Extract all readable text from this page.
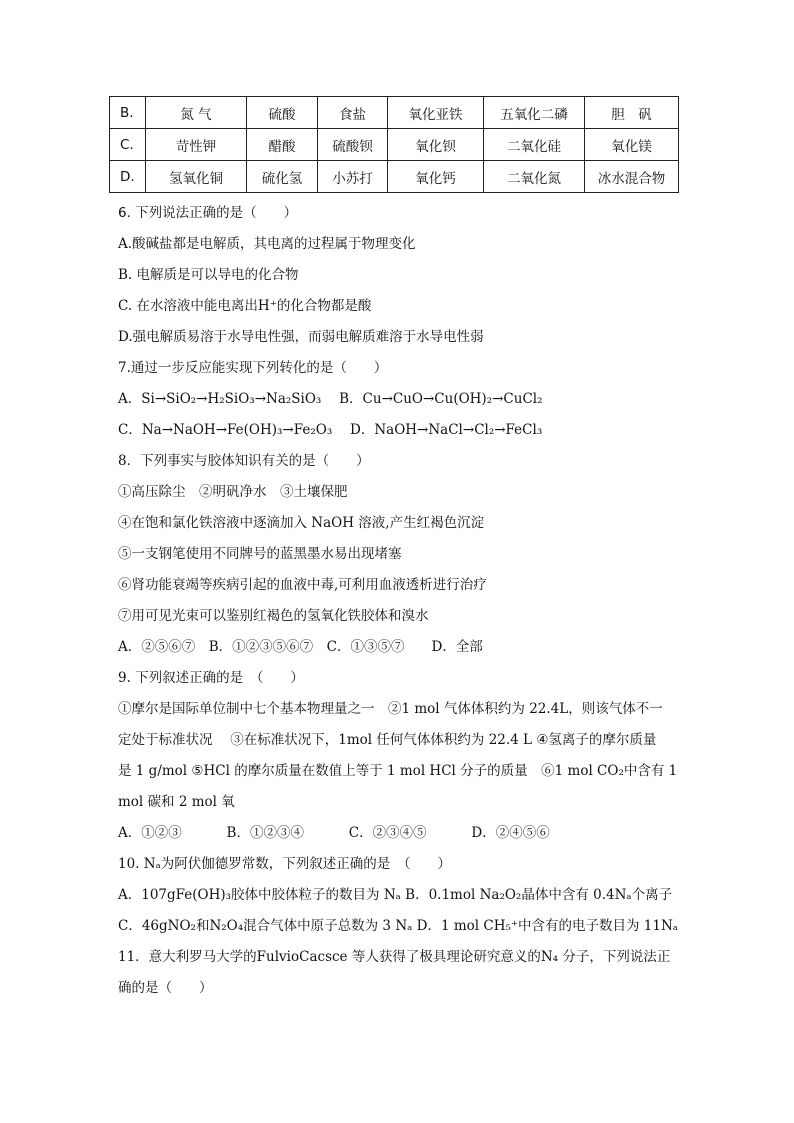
B.	氮 气	硫酸	食盐	氧化亚铁	五氧化二磷	胆　矾
C.	苛性钾	醋酸	硫酸钡	氧化钡	二氧化硅	氧化镁
D.	氢氧化铜	硫化氢	小苏打	氧化钙	二氧化氮	冰水混合物
6. 下列说法正确的是（　　）
A.酸碱盐都是电解质，其电离的过程属于物理变化
B. 电解质是可以导电的化合物
C. 在水溶液中能电离出H⁺的化合物都是酸
D.强电解质易溶于水导电性强，而弱电解质难溶于水导电性弱
7.通过一步反应能实现下列转化的是（　　）
A．Si→SiO₂→H₂SiO₃→Na₂SiO₃　 B．Cu→CuO→Cu(OH)₂→CuCl₂
C．Na→NaOH→Fe(OH)₃→Fe₂O₃　 D．NaOH→NaCl→Cl₂→FeCl₃
8．下列事实与胶体知识有关的是（　　）
①高压除尘　②明矾净水　③土壤保肥
④在饱和氯化铁溶液中逐滴加入 NaOH 溶液,产生红褐色沉淀
⑤一支钢笔使用不同牌号的蓝黑墨水易出现堵塞
⑥肾功能衰竭等疾病引起的血液中毒,可利用血液透析进行治疗
⑦用可见光束可以鉴别红褐色的氢氧化铁胶体和溴水
A．②⑤⑥⑦　B．①②③⑤⑥⑦　C．①③⑤⑦　　D．全部
9. 下列叙述正确的是　（　　）
①摩尔是国际单位制中七个基本物理量之一　②1 mol 气体体积约为 22.4L，则该气体不一
定处于标准状况　 ③在标准状况下，1mol 任何气体体积约为 22.4 L ④氢离子的摩尔质量
是 1 g/mol ⑤HCl 的摩尔质量在数值上等于 1 mol HCl 分子的质量　⑥1 mol CO₂中含有 1
mol 碳和 2 mol 氧
A．①②③　　　 B．①②③④　　　 C．②③④⑤　　　 D．②④⑤⑥
10. Nₐ为阿伏伽德罗常数，下列叙述正确的是　（　　）
A．107gFe(OH)₃胶体中胶体粒子的数目为 Nₐ B．0.1mol Na₂O₂晶体中含有 0.4Nₐ个离子
C．46gNO₂和N₂O₄混合气体中原子总数为 3 Nₐ D．1 mol CH₅⁺中含有的电子数目为 11Nₐ
11．意大利罗马大学的FulvioCacsce 等人获得了极具理论研究意义的N₄ 分子，下列说法正
确的是（　　）
